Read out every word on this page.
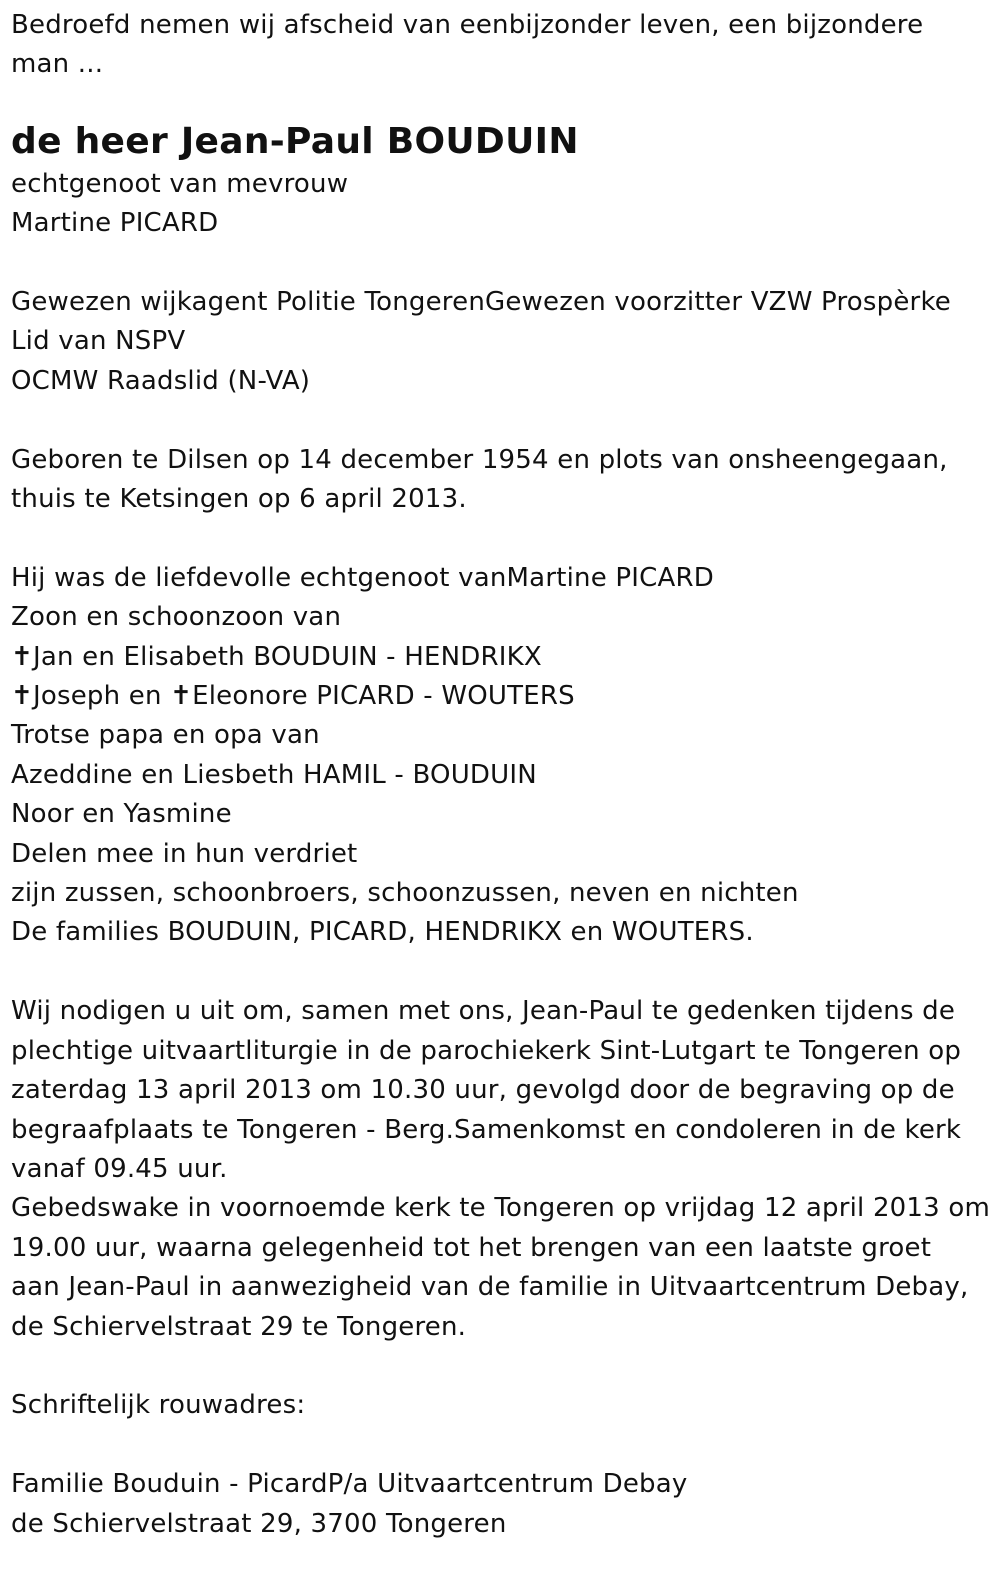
Bedroefd nemen wij afscheid van eenbijzonder leven, een bijzondere
man ...
de heer Jean-Paul BOUDUIN
echtgenoot van mevrouw
Martine PICARD
Gewezen wijkagent Politie TongerenGewezen voorzitter VZW Prospèrke
Lid van NSPV
OCMW Raadslid (N-VA)
Geboren te Dilsen op 14 december 1954 en plots van onsheengegaan,
thuis te Ketsingen op 6 april 2013.
Hij was de liefdevolle echtgenoot vanMartine PICARD
Zoon en schoonzoon van
✝Jan en Elisabeth BOUDUIN - HENDRIKX
✝Joseph en ✝Eleonore PICARD - WOUTERS
Trotse papa en opa van
Azeddine en Liesbeth HAMIL - BOUDUIN
Noor en Yasmine
Delen mee in hun verdriet
zijn zussen, schoonbroers, schoonzussen, neven en nichten
De families BOUDUIN, PICARD, HENDRIKX en WOUTERS.
Wij nodigen u uit om, samen met ons, Jean-Paul te gedenken tijdens de
plechtige uitvaartliturgie in de parochiekerk Sint-Lutgart te Tongeren op
zaterdag 13 april 2013 om 10.30 uur, gevolgd door de begraving op de
begraafplaats te Tongeren - Berg.Samenkomst en condoleren in de kerk
vanaf 09.45 uur.
Gebedswake in voornoemde kerk te Tongeren op vrijdag 12 april 2013 om
19.00 uur, waarna gelegenheid tot het brengen van een laatste groet
aan Jean-Paul in aanwezigheid van de familie in Uitvaartcentrum Debay,
de Schiervelstraat 29 te Tongeren.
Schriftelijk rouwadres:
Familie Bouduin - PicardP/a Uitvaartcentrum Debay
de Schiervelstraat 29, 3700 Tongeren
